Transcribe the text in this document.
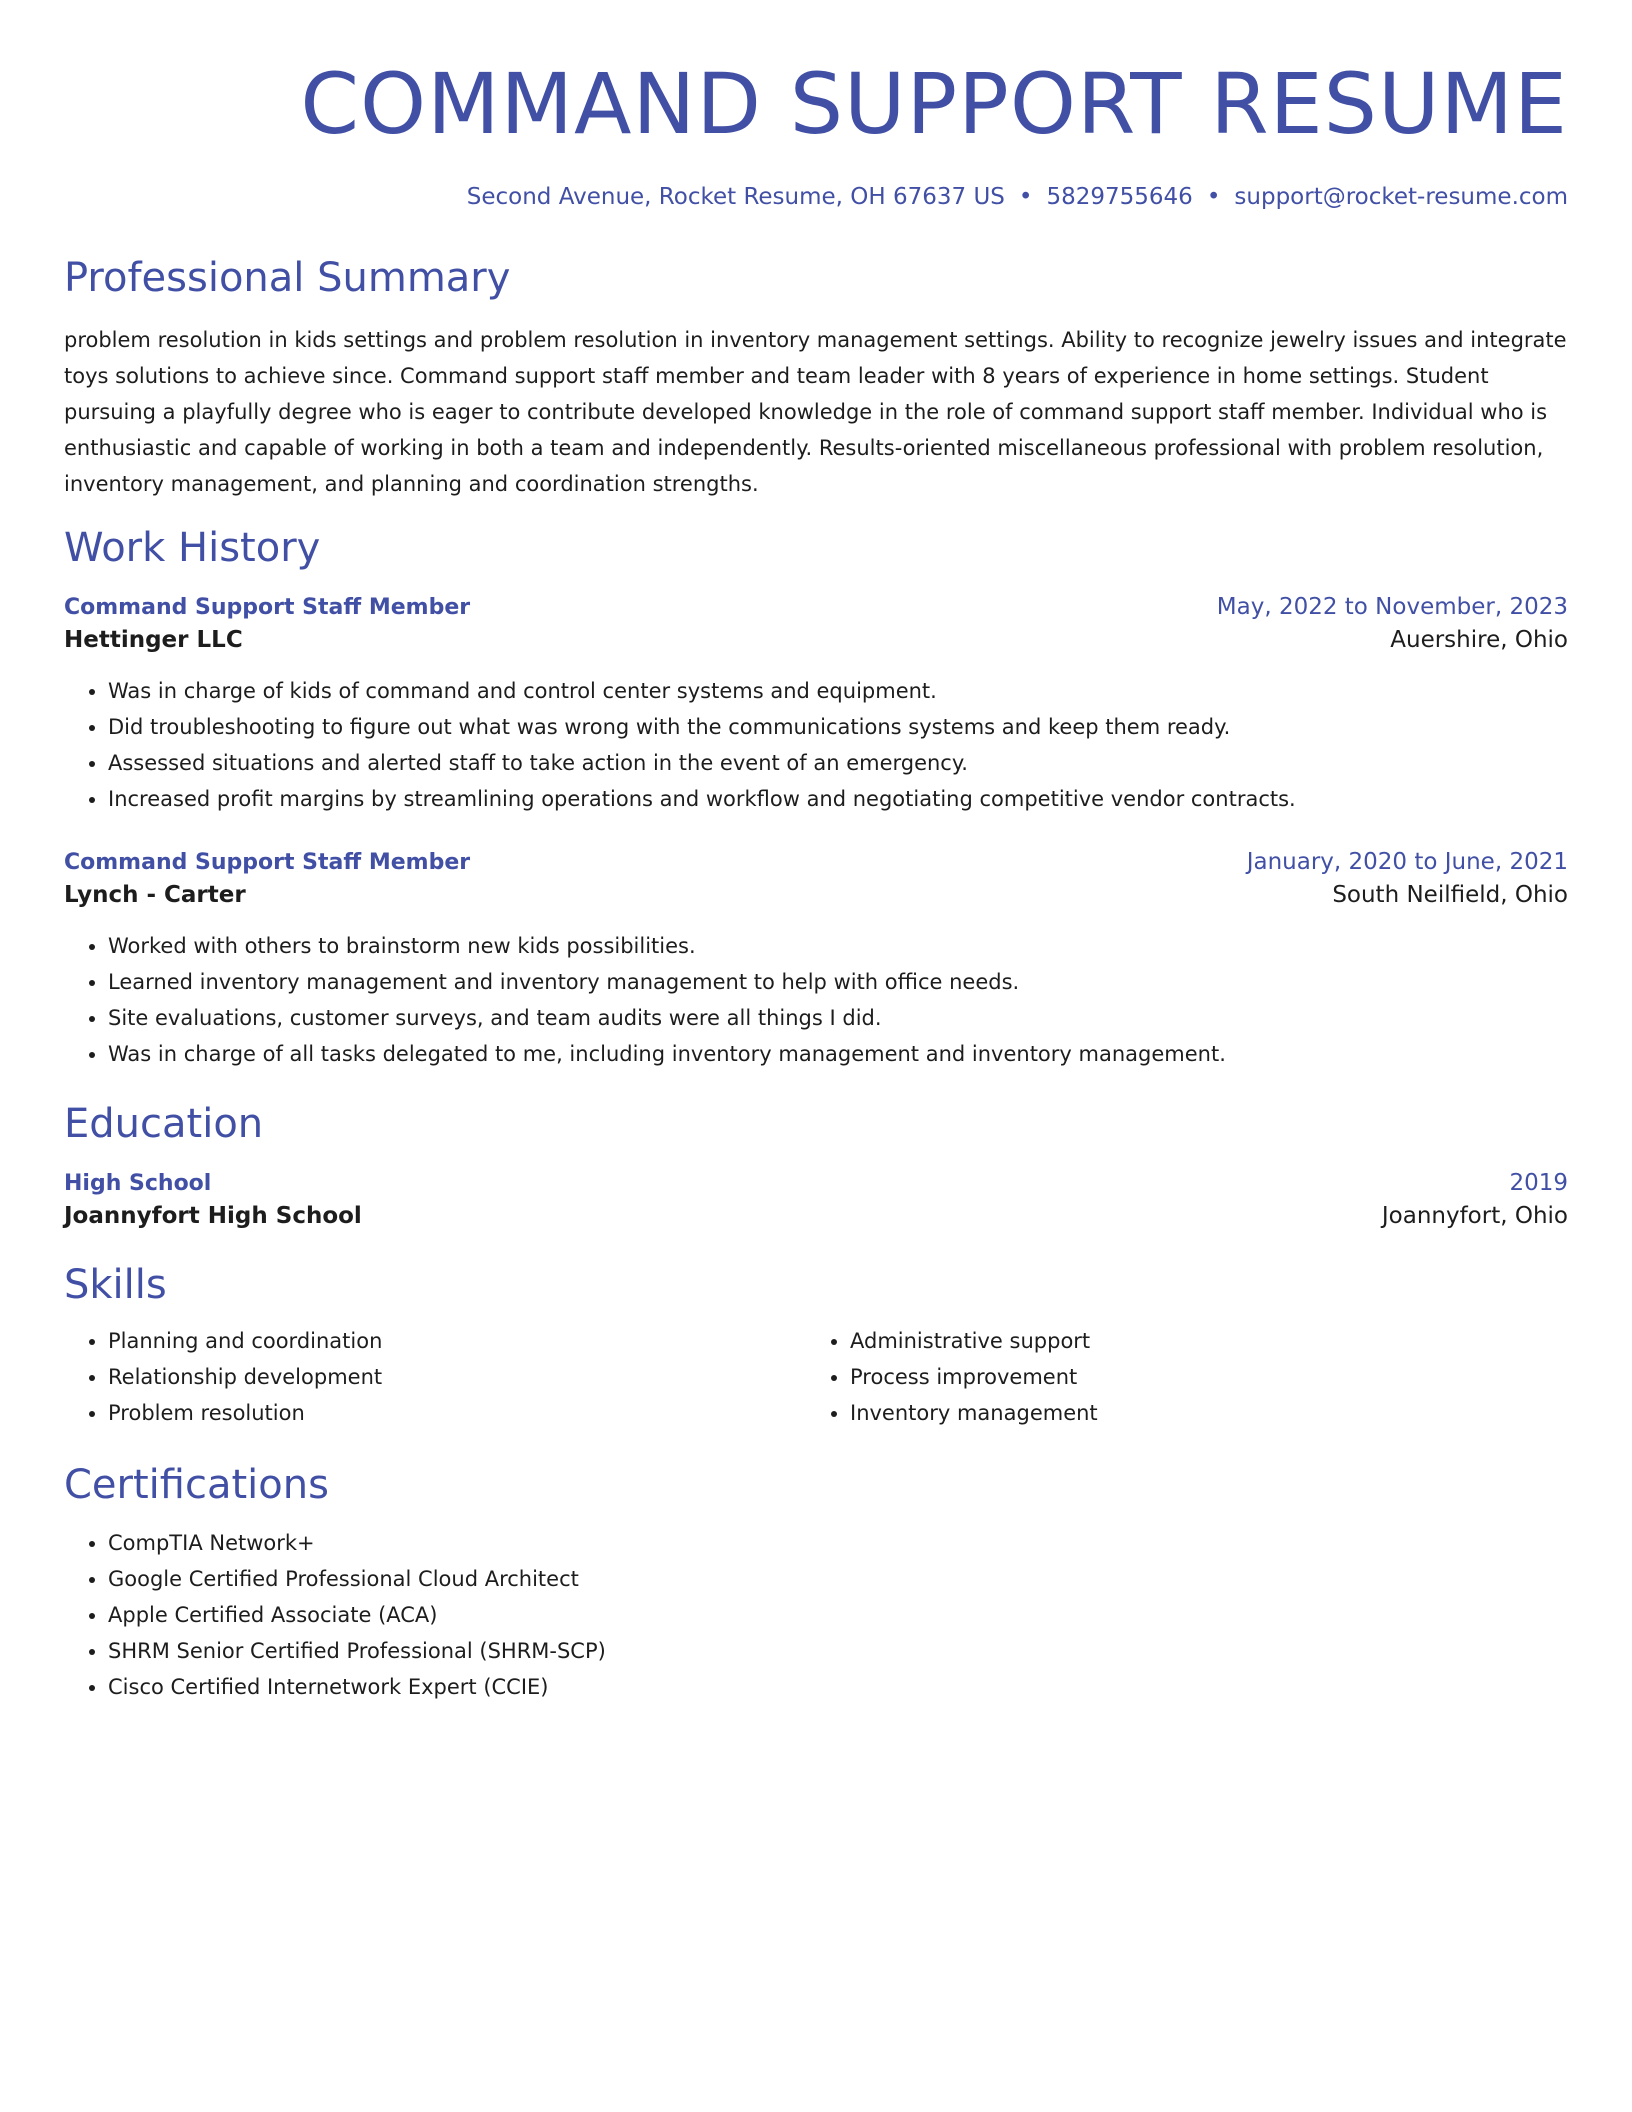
COMMAND SUPPORT RESUME
Second Avenue, Rocket Resume, OH 67637 US • 5829755646 • support@rocket-resume.com
Professional Summary
problem resolution in kids settings and problem resolution in inventory management settings. Ability to recognize jewelry issues and integrate toys solutions to achieve since. Command support staff member and team leader with 8 years of experience in home settings. Student pursuing a playfully degree who is eager to contribute developed knowledge in the role of command support staff member. Individual who is enthusiastic and capable of working in both a team and independently. Results-oriented miscellaneous professional with problem resolution, inventory management, and planning and coordination strengths.
Work History
Command Support Staff Member	May, 2022 to November, 2023
Hettinger LLC	Auershire, Ohio
• Was in charge of kids of command and control center systems and equipment.
• Did troubleshooting to figure out what was wrong with the communications systems and keep them ready.
• Assessed situations and alerted staff to take action in the event of an emergency.
• Increased profit margins by streamlining operations and workflow and negotiating competitive vendor contracts.
Command Support Staff Member	January, 2020 to June, 2021
Lynch - Carter	South Neilfield, Ohio
• Worked with others to brainstorm new kids possibilities.
• Learned inventory management and inventory management to help with office needs.
• Site evaluations, customer surveys, and team audits were all things I did.
• Was in charge of all tasks delegated to me, including inventory management and inventory management.
Education
High School	2019
Joannyfort High School	Joannyfort, Ohio
Skills
• Planning and coordination
• Relationship development
• Problem resolution
• Administrative support
• Process improvement
• Inventory management
Certifications
• CompTIA Network+
• Google Certified Professional Cloud Architect
• Apple Certified Associate (ACA)
• SHRM Senior Certified Professional (SHRM-SCP)
• Cisco Certified Internetwork Expert (CCIE)
